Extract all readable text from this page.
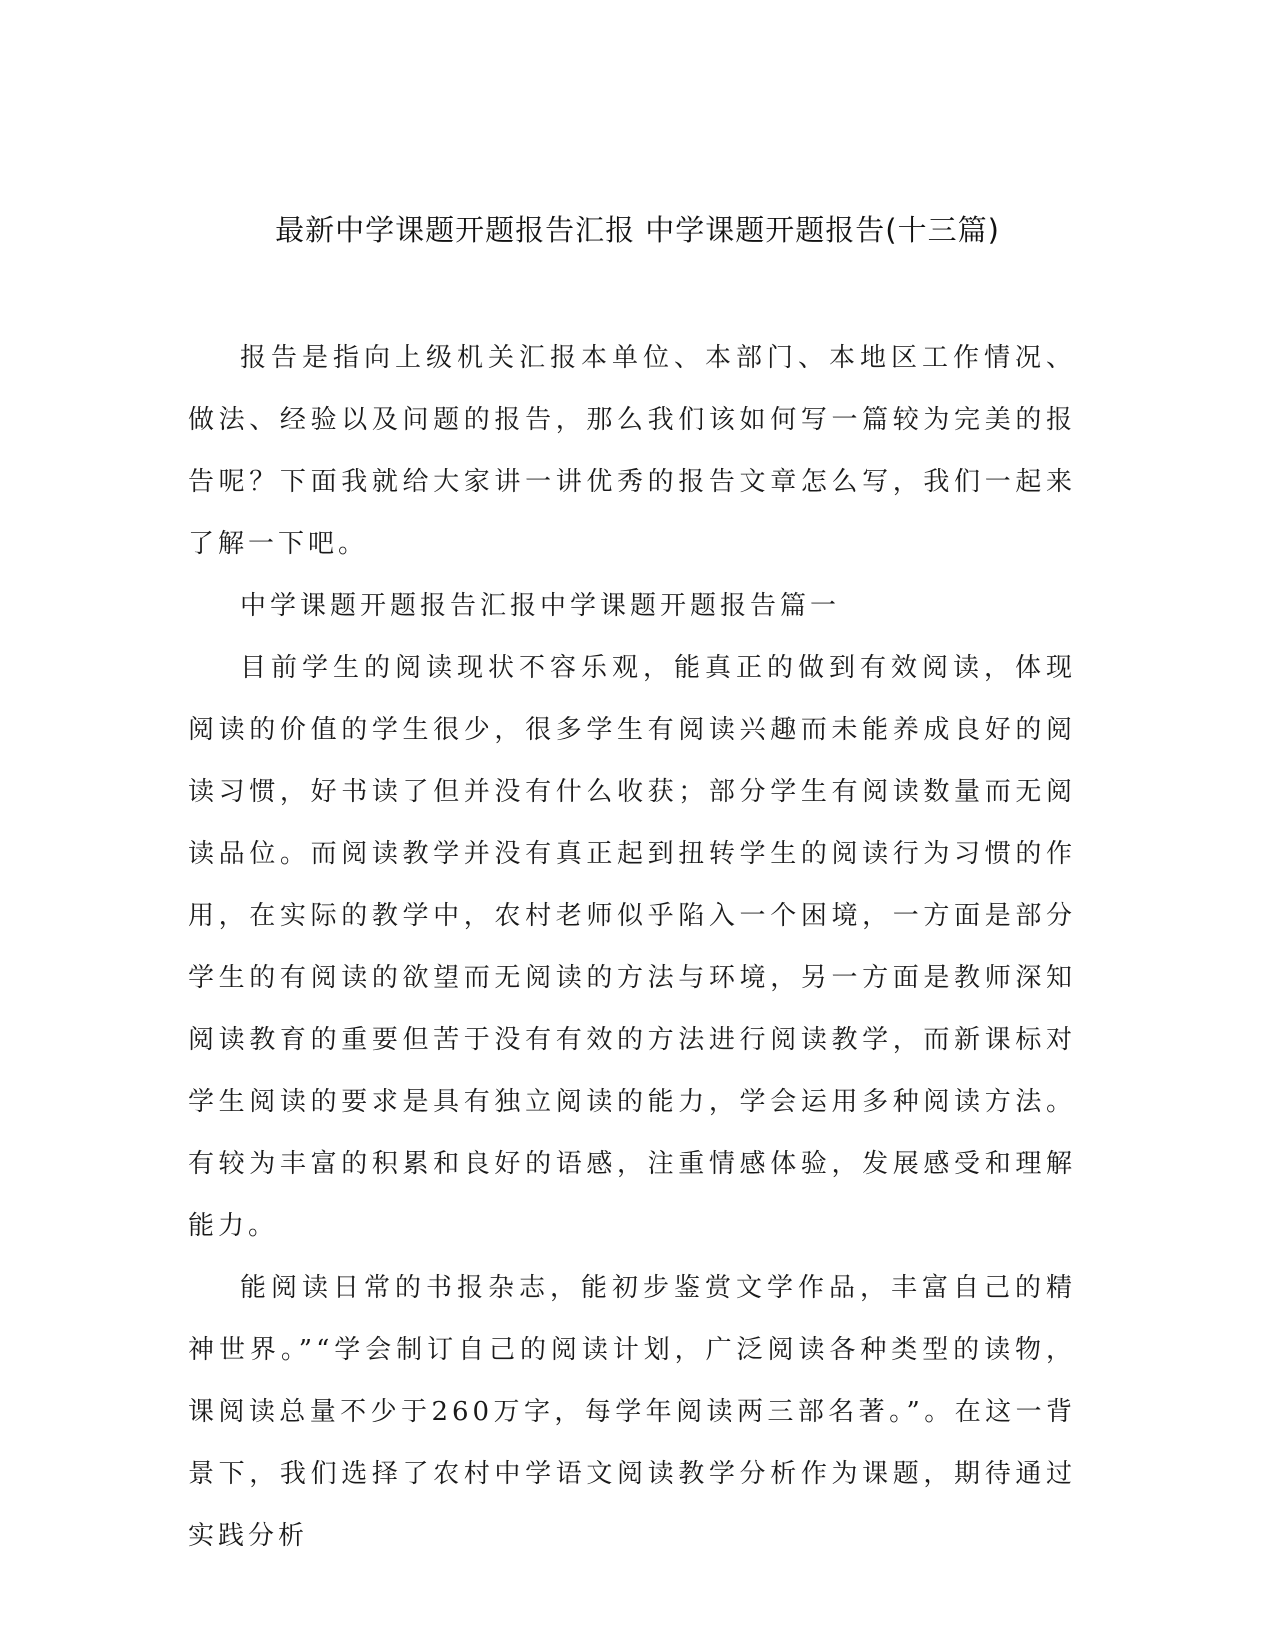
最新中学课题开题报告汇报 中学课题开题报告(十三篇)

报告是指向上级机关汇报本单位、本部门、本地区工作情况、做法、经验以及问题的报告，那么我们该如何写一篇较为完美的报告呢？下面我就给大家讲一讲优秀的报告文章怎么写，我们一起来了解一下吧。

中学课题开题报告汇报中学课题开题报告篇一

目前学生的阅读现状不容乐观，能真正的做到有效阅读，体现阅读的价值的学生很少，很多学生有阅读兴趣而未能养成良好的阅读习惯，好书读了但并没有什么收获；部分学生有阅读数量而无阅读品位。而阅读教学并没有真正起到扭转学生的阅读行为习惯的作用，在实际的教学中，农村老师似乎陷入一个困境，一方面是部分学生的有阅读的欲望而无阅读的方法与环境，另一方面是教师深知阅读教育的重要但苦于没有有效的方法进行阅读教学，而新课标对学生阅读的要求是具有独立阅读的能力，学会运用多种阅读方法。有较为丰富的积累和良好的语感，注重情感体验，发展感受和理解能力。

能阅读日常的书报杂志，能初步鉴赏文学作品，丰富自己的精神世界。”“学会制订自己的阅读计划，广泛阅读各种类型的读物，课阅读总量不少于260万字，每学年阅读两三部名著。”。在这一背景下，我们选择了农村中学语文阅读教学分析作为课题，期待通过实践分析
